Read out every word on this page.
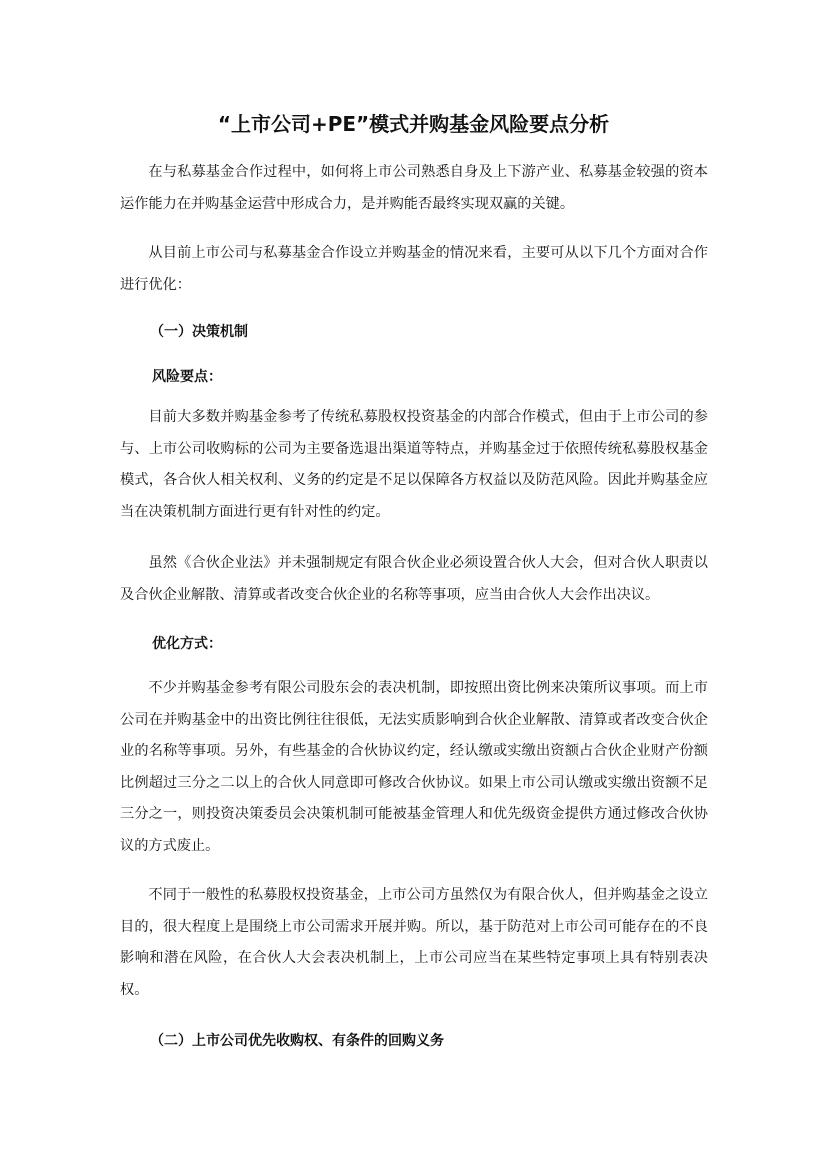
“上市公司+PE”模式并购基金风险要点分析

在与私募基金合作过程中，如何将上市公司熟悉自身及上下游产业、私募基金较强的资本运作能力在并购基金运营中形成合力，是并购能否最终实现双赢的关键。

从目前上市公司与私募基金合作设立并购基金的情况来看，主要可从以下几个方面对合作进行优化：

（一）决策机制
风险要点：

目前大多数并购基金参考了传统私募股权投资基金的内部合作模式，但由于上市公司的参与、上市公司收购标的公司为主要备选退出渠道等特点，并购基金过于依照传统私募股权基金模式，各合伙人相关权利、义务的约定是不足以保障各方权益以及防范风险。因此并购基金应当在决策机制方面进行更有针对性的约定。

虽然《合伙企业法》并未强制规定有限合伙企业必须设置合伙人大会，但对合伙人职责以及合伙企业解散、清算或者改变合伙企业的名称等事项，应当由合伙人大会作出决议。

优化方式：

不少并购基金参考有限公司股东会的表决机制，即按照出资比例来决策所议事项。而上市公司在并购基金中的出资比例往往很低，无法实质影响到合伙企业解散、清算或者改变合伙企业的名称等事项。另外，有些基金的合伙协议约定，经认缴或实缴出资额占合伙企业财产份额比例超过三分之二以上的合伙人同意即可修改合伙协议。如果上市公司认缴或实缴出资额不足三分之一，则投资决策委员会决策机制可能被基金管理人和优先级资金提供方通过修改合伙协议的方式废止。

不同于一般性的私募股权投资基金，上市公司方虽然仅为有限合伙人，但并购基金之设立目的，很大程度上是围绕上市公司需求开展并购。所以，基于防范对上市公司可能存在的不良影响和潜在风险，在合伙人大会表决机制上，上市公司应当在某些特定事项上具有特别表决权。

（二）上市公司优先收购权、有条件的回购义务
